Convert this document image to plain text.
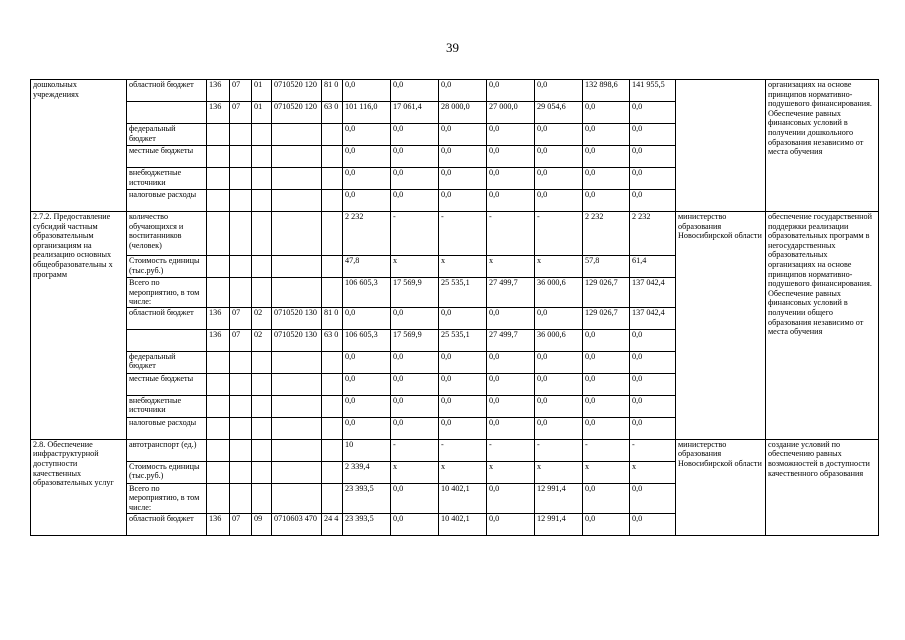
39
дошкольных учреждениях	областной бюджет	136	07	01	0710520 120	81 0	0,0	0,0	0,0	0,0	0,0	132 898,6	141 955,5		организациях на основе принципов нормативно-подушевого финансирования. Обеспечение равных финансовых условий в получении дошкольного образования независимо от места обучения
		136	07	01	0710520 120	63 0	101 116,0	17 061,4	28 000,0	27 000,0	29 054,6	0,0	0,0		
	федеральный бюджет						0,0	0,0	0,0	0,0	0,0	0,0	0,0		
	местные бюджеты						0,0	0,0	0,0	0,0	0,0	0,0	0,0		
	внебюджетные источники						0,0	0,0	0,0	0,0	0,0	0,0	0,0		
	налоговые расходы						0,0	0,0	0,0	0,0	0,0	0,0	0,0		
2.7.2. Предоставление субсидий частным образовательным организациям на реализацию основных общеобразовательны х программ	количество обучающихся и воспитанников (человек)						2 232	-	-	-	-	2 232	2 232	министерство образования Новосибирской области	обеспечение государственной поддержки реализации образовательных программ в негосударственных образовательных организациях на основе принципов нормативно-подушевого финансирования. Обеспечение равных финансовых условий в получении общего образования независимо от места обучения
	Стоимость единицы (тыс.руб.)						47,8	х	х	х	х	57,8	61,4		
	Всего по мероприятию, в том числе:						106 605,3	17 569,9	25 535,1	27 499,7	36 000,6	129 026,7	137 042,4		
	областной бюджет	136	07	02	0710520 130	81 0	0,0	0,0	0,0	0,0	0,0	129 026,7	137 042,4		
		136	07	02	0710520 130	63 0	106 605,3	17 569,9	25 535,1	27 499,7	36 000,6	0,0	0,0		
	федеральный бюджет						0,0	0,0	0,0	0,0	0,0	0,0	0,0		
	местные бюджеты						0,0	0,0	0,0	0,0	0,0	0,0	0,0		
	внебюджетные источники						0,0	0,0	0,0	0,0	0,0	0,0	0,0		
	налоговые расходы						0,0	0,0	0,0	0,0	0,0	0,0	0,0		
2.8. Обеспечение инфраструктурной доступности качественных образовательных услуг	автотранспорт (ед.)						10	-	-	-	-	-	-	министерство образования Новосибирской области	создание условий по обеспечению равных возможностей в доступности качественного образования
	Стоимость единицы (тыс.руб.)						2 339,4	х	х	х	х	х	х		
	Всего по мероприятию, в том числе:						23 393,5	0,0	10 402,1	0,0	12 991,4	0,0	0,0		
	областной бюджет	136	07	09	0710603 470	24 4	23 393,5	0,0	10 402,1	0,0	12 991,4	0,0	0,0		
